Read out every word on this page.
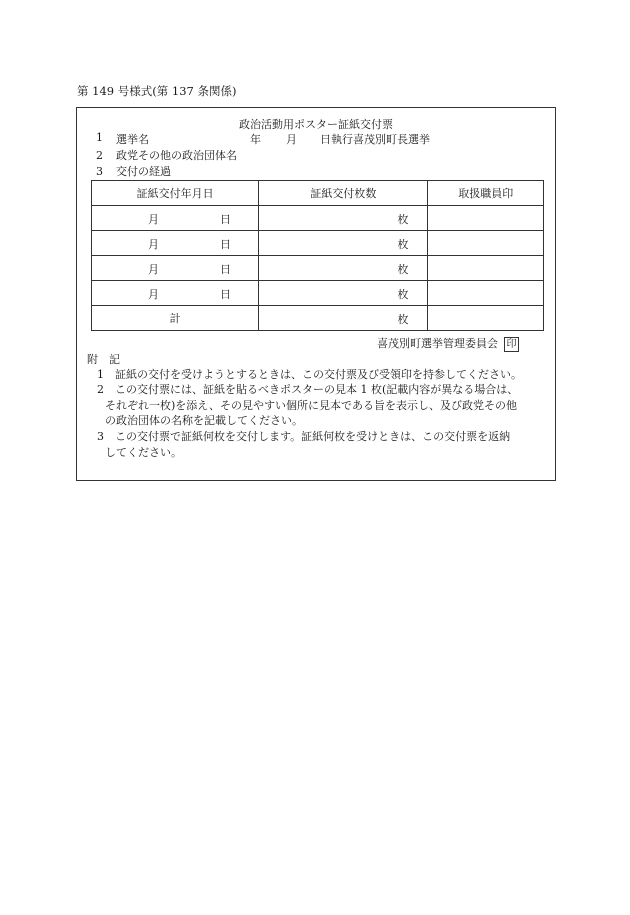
第 149 号様式(第 137 条関係)
政治活動用ポスター証紙交付票
1 選挙名	年 月 日執行喜茂別町長選挙
2 政党その他の政治団体名
3 交付の経過
証紙交付年月日	証紙交付枚数	取扱職員印

月 日	枚	

月 日	枚	

月 日	枚	

月 日	枚	

計	枚	

喜茂別町選挙管理委員会 印
附　記
1 証紙の交付を受けようとするときは、この交付票及び受領印を持参してください。
2 この交付票には、証紙を貼るべきポスターの見本 1 枚(記載内容が異なる場合は、
それぞれ一枚)を添え、その見やすい個所に見本である旨を表示し、及び政党その他
の政治団体の名称を記載してください。
3 この交付票で証紙何枚を交付します。証紙何枚を受けときは、この交付票を返納
してください。
